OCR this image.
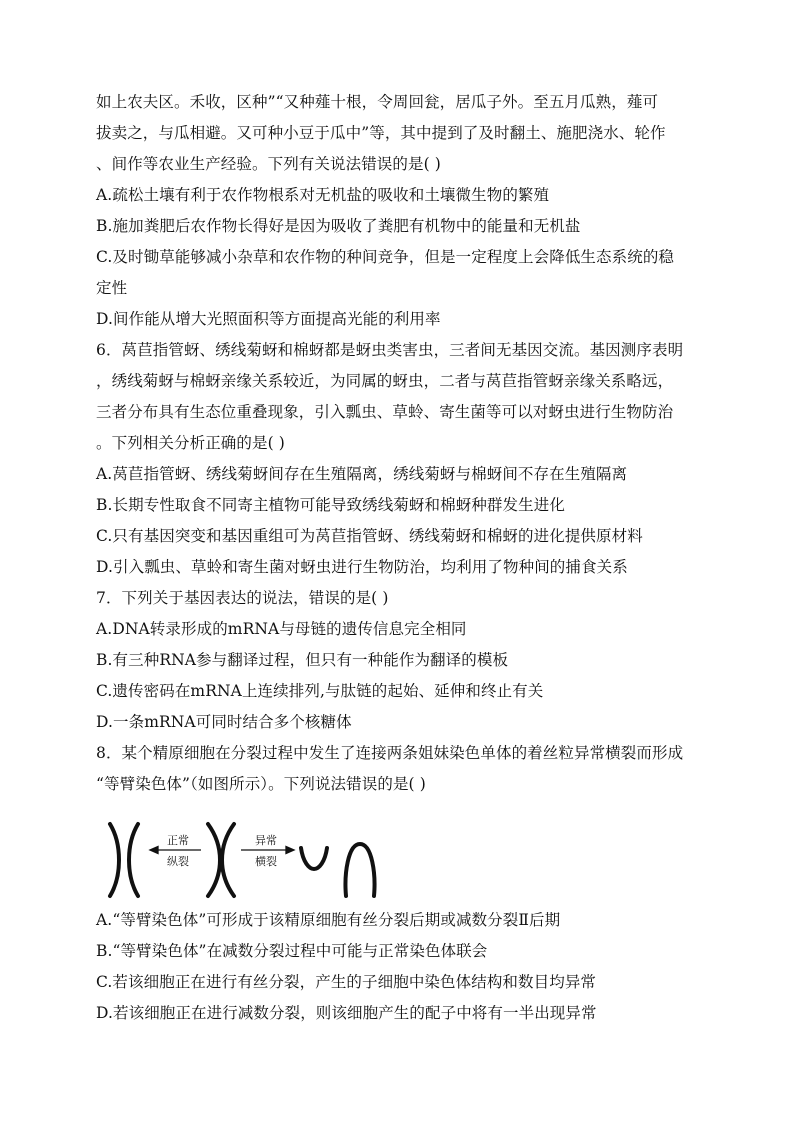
如上农夫区。禾收，区种”“又种薤十根，令周回瓮，居瓜子外。至五月瓜熟，薤可
拔卖之，与瓜相避。又可种小豆于瓜中”等，其中提到了及时翻土、施肥浇水、轮作
、间作等农业生产经验。下列有关说法错误的是( )
A.疏松土壤有利于农作物根系对无机盐的吸收和土壤微生物的繁殖
B.施加粪肥后农作物长得好是因为吸收了粪肥有机物中的能量和无机盐
C.及时锄草能够减小杂草和农作物的种间竞争，但是一定程度上会降低生态系统的稳
定性
D.间作能从增大光照面积等方面提高光能的利用率
6．莴苣指管蚜、绣线菊蚜和棉蚜都是蚜虫类害虫，三者间无基因交流。基因测序表明
，绣线菊蚜与棉蚜亲缘关系较近，为同属的蚜虫，二者与莴苣指管蚜亲缘关系略远，
三者分布具有生态位重叠现象，引入瓢虫、草蛉、寄生菌等可以对蚜虫进行生物防治
。下列相关分析正确的是( )
A.莴苣指管蚜、绣线菊蚜间存在生殖隔离，绣线菊蚜与棉蚜间不存在生殖隔离
B.长期专性取食不同寄主植物可能导致绣线菊蚜和棉蚜种群发生进化
C.只有基因突变和基因重组可为莴苣指管蚜、绣线菊蚜和棉蚜的进化提供原材料
D.引入瓢虫、草蛉和寄生菌对蚜虫进行生物防治，均利用了物种间的捕食关系
7．下列关于基因表达的说法，错误的是( )
A.DNA转录形成的mRNA与母链的遗传信息完全相同
B.有三种RNA参与翻译过程，但只有一种能作为翻译的模板
C.遗传密码在mRNA上连续排列,与肽链的起始、延伸和终止有关
D.一条mRNA可同时结合多个核糖体
8．某个精原细胞在分裂过程中发生了连接两条姐妹染色单体的着丝粒异常横裂而形成
“等臂染色体”（如图所示）。下列说法错误的是( )
正常
纵裂
异常
横裂
A.“等臂染色体”可形成于该精原细胞有丝分裂后期或减数分裂Ⅱ后期
B.“等臂染色体”在减数分裂过程中可能与正常染色体联会
C.若该细胞正在进行有丝分裂，产生的子细胞中染色体结构和数目均异常
D.若该细胞正在进行减数分裂，则该细胞产生的配子中将有一半出现异常
